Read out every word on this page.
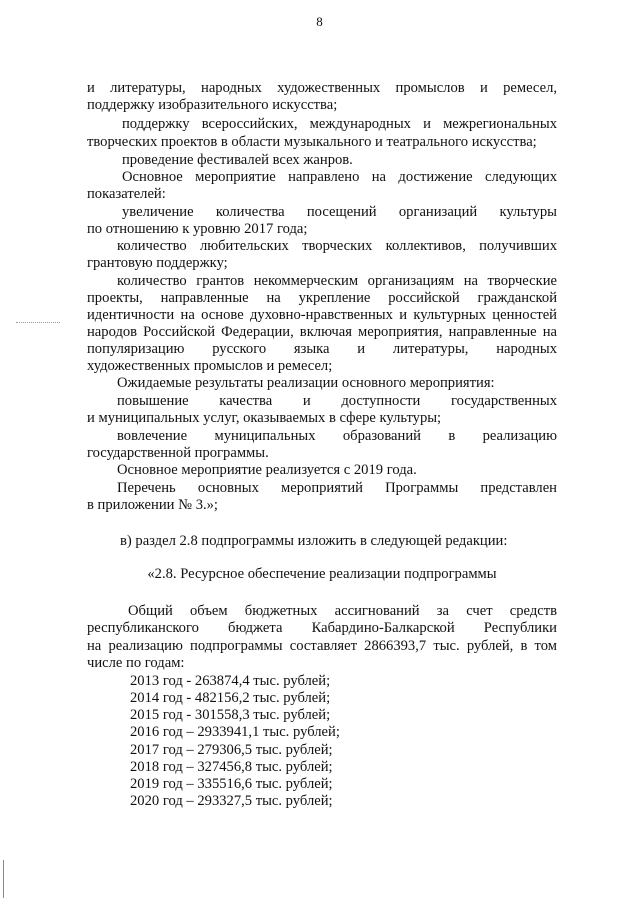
8
и литературы, народных художественных промыслов и ремесел,
поддержку изобразительного искусства;
поддержку всероссийских, международных и межрегиональных
творческих проектов в области музыкального и театрального искусства;
проведение фестивалей всех жанров.
Основное мероприятие направлено на достижение следующих
показателей:
увеличение количества посещений организаций культуры
по отношению к уровню 2017 года;
количество любительских творческих коллективов, получивших
грантовую поддержку;
количество грантов некоммерческим организациям на творческие
проекты, направленные на укрепление российской гражданской
идентичности на основе духовно-нравственных и культурных ценностей
народов Российской Федерации, включая мероприятия, направленные на
популяризацию русского языка и литературы, народных
художественных промыслов и ремесел;
Ожидаемые результаты реализации основного мероприятия:
повышение качества и доступности государственных
и муниципальных услуг, оказываемых в сфере культуры;
вовлечение муниципальных образований в реализацию
государственной программы.
Основное мероприятие реализуется с 2019 года.
Перечень основных мероприятий Программы представлен
в приложении № 3.»;
в) раздел 2.8 подпрограммы изложить в следующей редакции:
«2.8. Ресурсное обеспечение реализации подпрограммы
Общий объем бюджетных ассигнований за счет средств
республиканского бюджета Кабардино-Балкарской Республики
на реализацию подпрограммы составляет 2866393,7 тыс. рублей, в том
числе по годам:
2013 год - 263874,4 тыс. рублей;
2014 год - 482156,2 тыс. рублей;
2015 год - 301558,3 тыс. рублей;
2016 год – 2933941,1 тыс. рублей;
2017 год – 279306,5 тыс. рублей;
2018 год – 327456,8 тыс. рублей;
2019 год – 335516,6 тыс. рублей;
2020 год – 293327,5 тыс. рублей;
